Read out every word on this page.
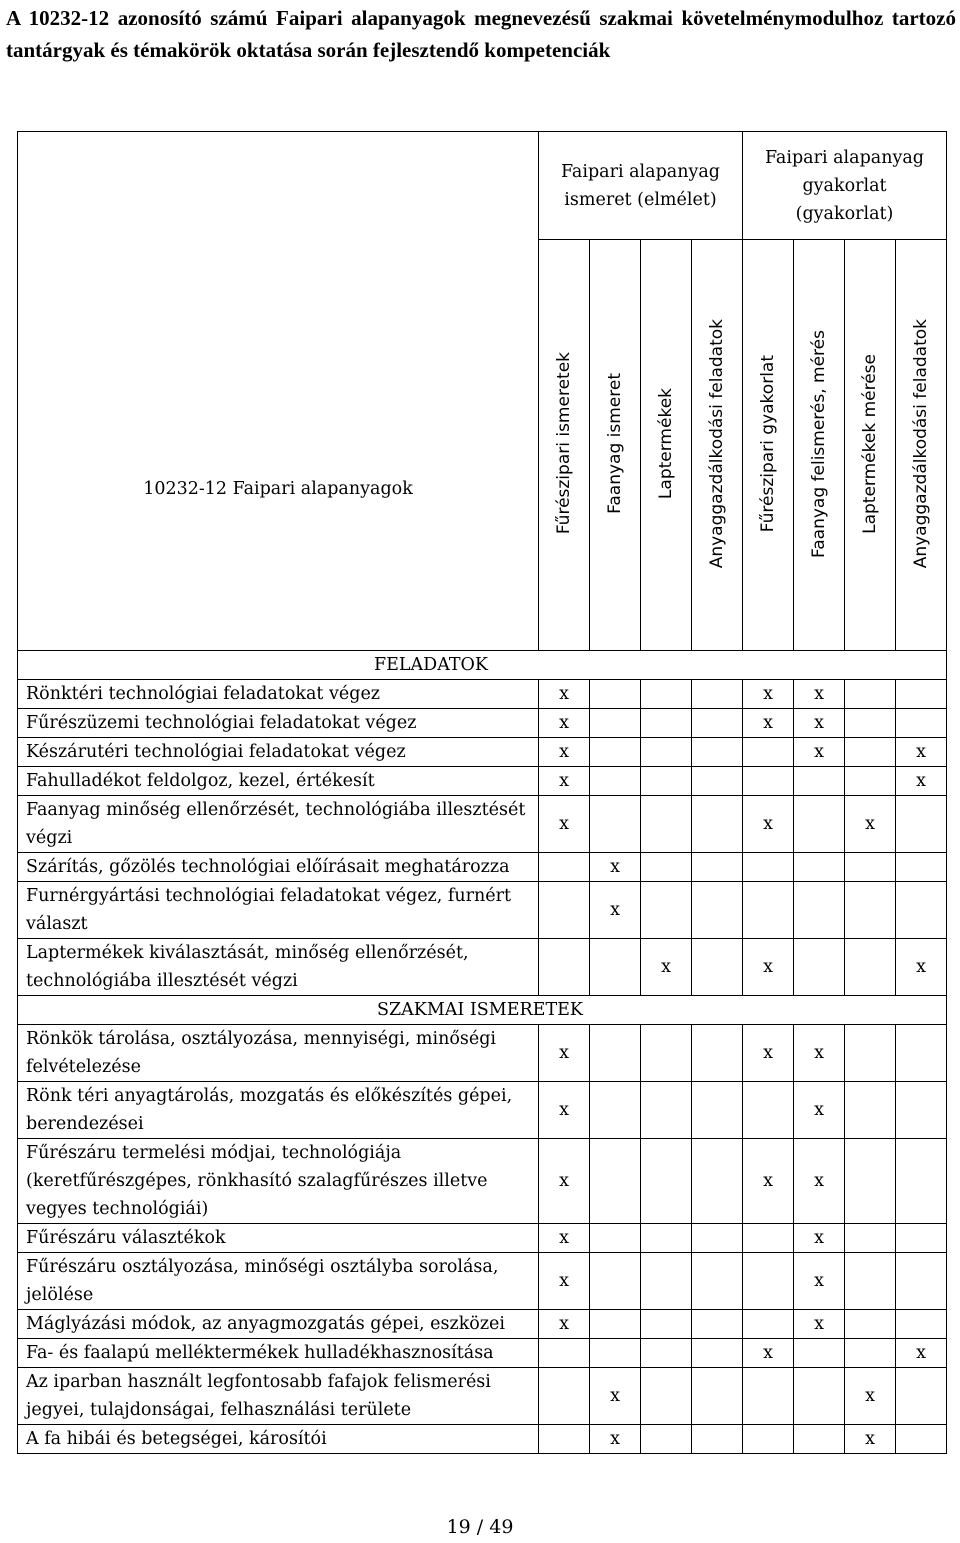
A 10232-12 azonosító számú Faipari alapanyagok megnevezésű szakmai követelménymodulhoz tartozó tantárgyak és témakörök oktatása során fejlesztendő kompetenciák
10232-12 Faipari alapanyagok	Faipari alapanyag ismeret (elmélet)				Faipari alapanyag gyakorlat (gyakorlat)			

	Fűrészipari ismeretek	Faanyag ismeret	Laptermékek	Anyaggazdálkodási feladatok	Fűrészipari gyakorlat	Faanyag felismerés, mérés	Laptermékek mérése	Anyaggazdálkodási feladatok
FELADATOK								
Rönktéri technológiai feladatokat végez	x				x	x		
Fűrészüzemi technológiai feladatokat végez	x				x	x		
Készárutéri technológiai feladatokat végez	x					x		x
Fahulladékot feldolgoz, kezel, értékesít	x							x
Faanyag minőség ellenőrzését, technológiába illesztését végzi	x				x		x	
Szárítás, gőzölés technológiai előírásait meghatározza		x						
Furnérgyártási technológiai feladatokat végez, furnért választ		x						
Laptermékek kiválasztását, minőség ellenőrzését, technológiába illesztését végzi			x		x			x
SZAKMAI ISMERETEK								
Rönkök tárolása, osztályozása, mennyiségi, minőségi felvételezése	x				x	x		
Rönk téri anyagtárolás, mozgatás és előkészítés gépei, berendezései	x					x		
Fűrészáru termelési módjai, technológiája (keretfűrészgépes, rönkhasító szalagfűrészes illetve vegyes technológiái)	x				x	x		
Fűrészáru választékok	x					x		
Fűrészáru osztályozása, minőségi osztályba sorolása, jelölése	x					x		
Máglyázási módok, az anyagmozgatás gépei, eszközei	x					x		
Fa- és faalapú melléktermékek hulladékhasznosítása					x			x
Az iparban használt legfontosabb fafajok felismerési jegyei, tulajdonságai, felhasználási területe		x					x	
A fa hibái és betegségei, károsítói		x					x	
19 / 49
